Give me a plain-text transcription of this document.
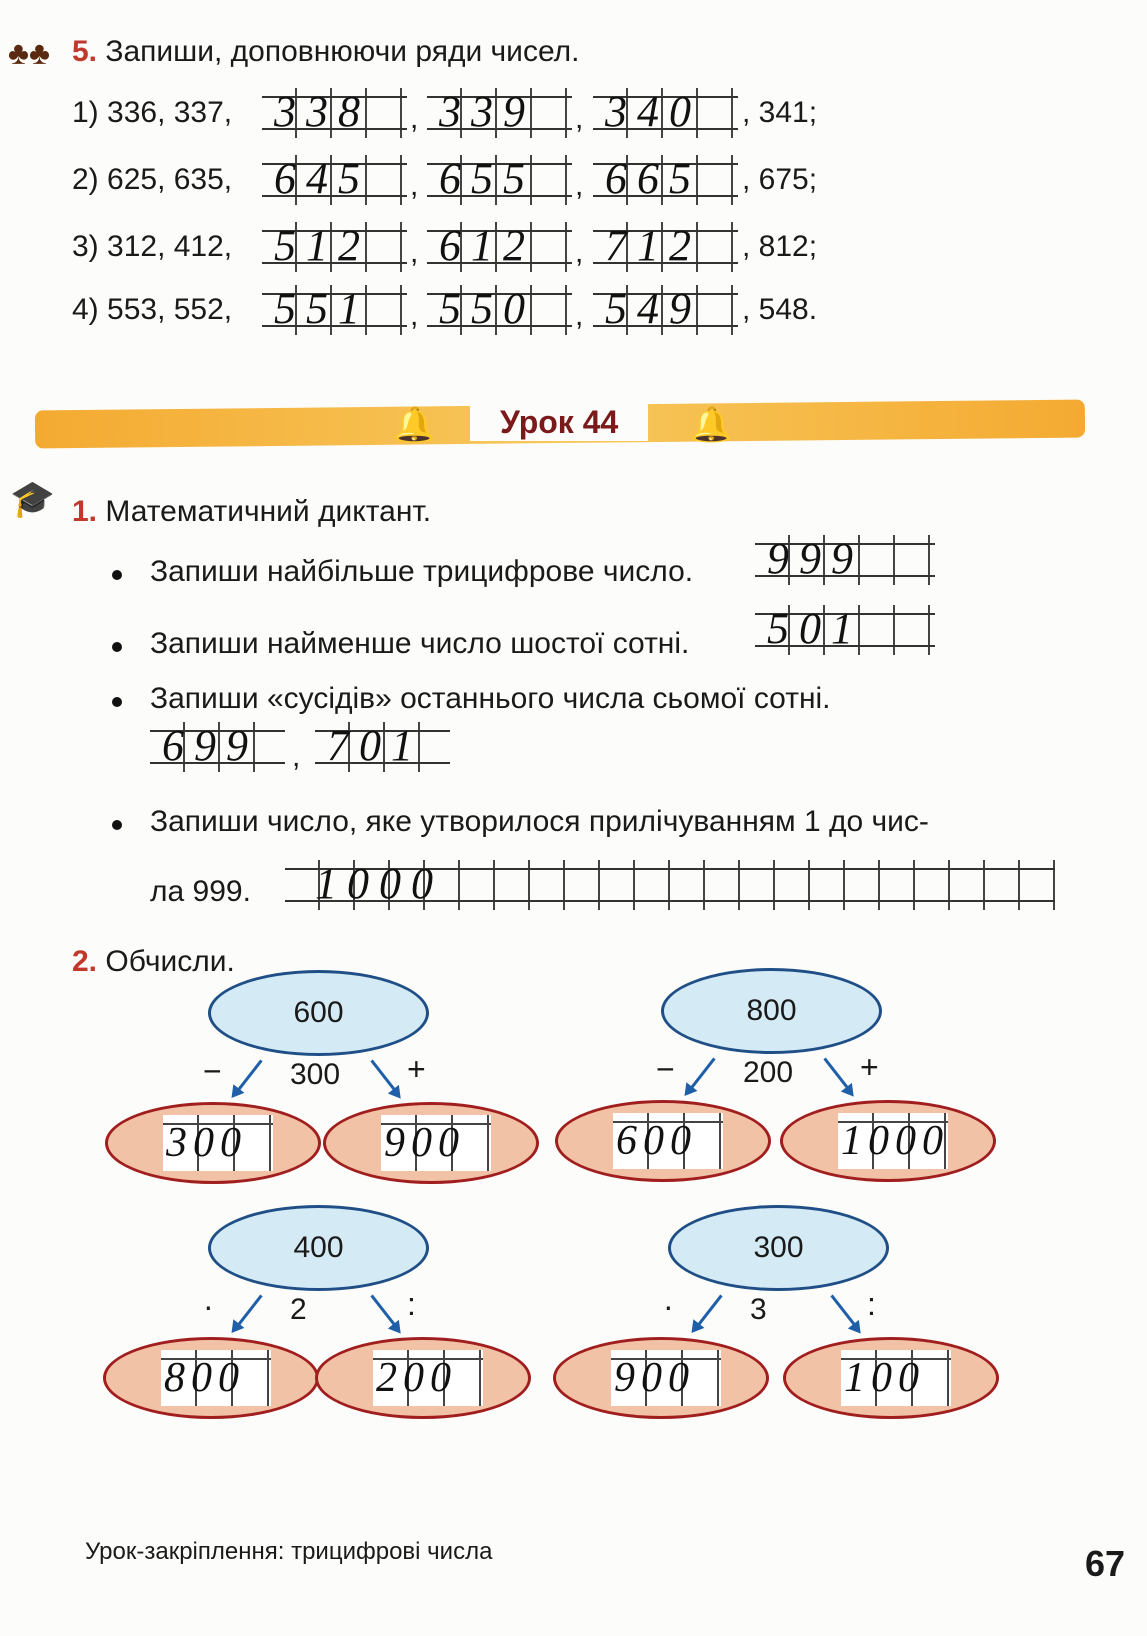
♣♣ 5. Запиши, доповнюючи ряди чисел.
1) 336, 337, 338	, 339	, 340	, 341;
2) 625, 635, 645	, 655	, 665	, 675;
3) 312, 412, 512	, 612	, 712	, 812;
4) 553, 552, 551	, 550	, 549	, 548.
🔔	Урок 44	🔔
🎓 1. Математичний диктант.
Запиши найбільше трицифрове число. 999
Запиши найменше число шостої сотні. 501
Запиши «сусідів» останнього числа сьомої сотні.
699	, 701
Запиши число, яке утворилося прилічуванням 1 до чис-
ла 999.	1000
2. Обчисли.
600
300
−	+
300	900
800
200
−	+
600	1000
400
2
·	:
800	200
300
3
·	:
900	100
Урок-закріплення: трицифрові числа	67
